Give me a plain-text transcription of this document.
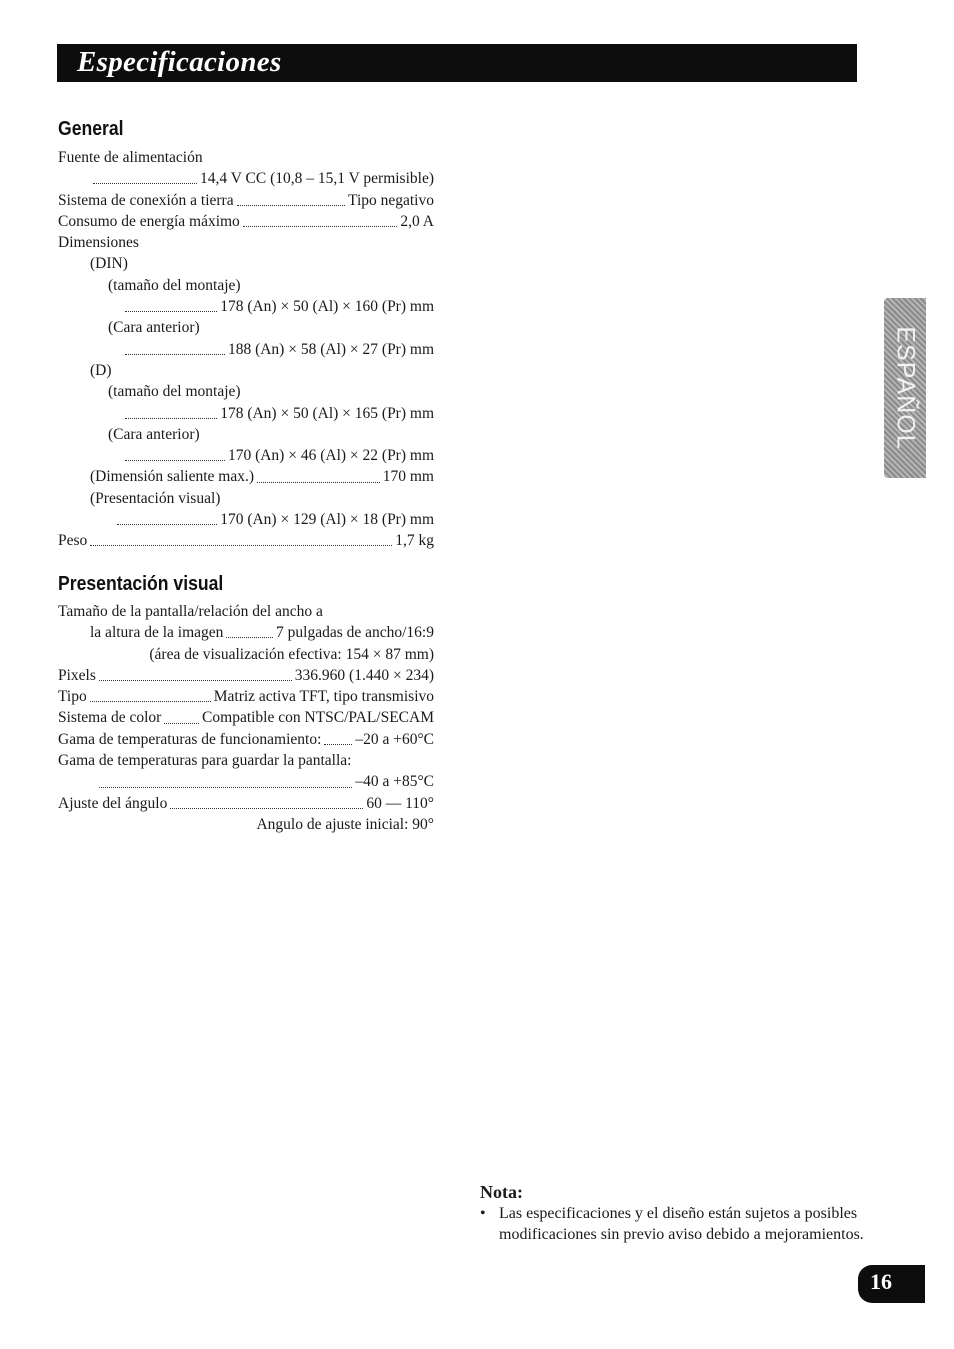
Especificaciones
General
Fuente de alimentación
14,4 V CC (10,8 – 15,1 V permisible)
Sistema de conexión a tierra	Tipo negativo
Consumo de energía máximo	2,0 A
Dimensiones
(DIN)
(tamaño del montaje)
178 (An) × 50 (Al) × 160 (Pr) mm
(Cara anterior)
188 (An) × 58 (Al) × 27 (Pr) mm
(D)
(tamaño del montaje)
178 (An) × 50 (Al) × 165 (Pr) mm
(Cara anterior)
170 (An) × 46 (Al) × 22 (Pr) mm
(Dimensión saliente max.)	170 mm
(Presentación visual)
170 (An) × 129 (Al) × 18 (Pr) mm
Peso	1,7 kg
Presentación visual
Tamaño de la pantalla/relación del ancho a
la altura de la imagen	7 pulgadas de ancho/16:9
(área de visualización efectiva: 154 × 87 mm)
Pixels	336.960 (1.440 × 234)
Tipo	Matriz activa TFT, tipo transmisivo
Sistema de color	Compatible con NTSC/PAL/SECAM
Gama de temperaturas de funcionamiento: –20 a +60°C
Gama de temperaturas para guardar la pantalla:
–40 a +85°C
Ajuste del ángulo	60 — 110°
Angulo de ajuste inicial: 90°
ESPAÑOL
Nota:
• Las especificaciones y el diseño están sujetos a posibles modificaciones sin previo aviso debido a mejoramientos.
16
